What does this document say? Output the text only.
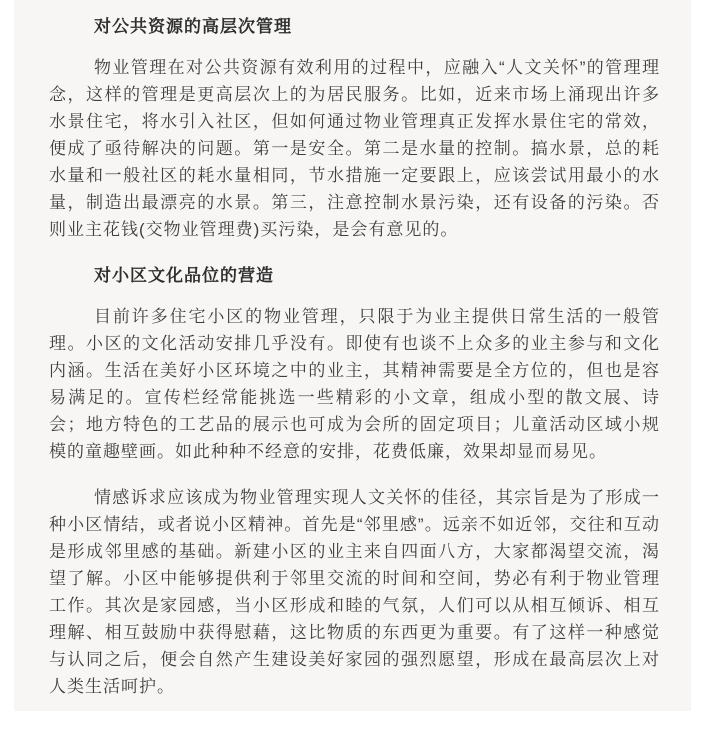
对公共资源的高层次管理

物业管理在对公共资源有效利用的过程中，应融入“人文关怀”的管理理念，这样的管理是更高层次上的为居民服务。比如，近来市场上涌现出许多水景住宅，将水引入社区，但如何通过物业管理真正发挥水景住宅的常效，便成了亟待解决的问题。第一是安全。第二是水量的控制。搞水景，总的耗水量和一般社区的耗水量相同，节水措施一定要跟上，应该尝试用最小的水量，制造出最漂亮的水景。第三，注意控制水景污染，还有设备的污染。否则业主花钱(交物业管理费)买污染，是会有意见的。

对小区文化品位的营造

目前许多住宅小区的物业管理，只限于为业主提供日常生活的一般管理。小区的文化活动安排几乎没有。即使有也谈不上众多的业主参与和文化内涵。生活在美好小区环境之中的业主，其精神需要是全方位的，但也是容易满足的。宣传栏经常能挑选一些精彩的小文章，组成小型的散文展、诗会；地方特色的工艺品的展示也可成为会所的固定项目；儿童活动区域小规模的童趣壁画。如此种种不经意的安排，花费低廉，效果却显而易见。

情感诉求应该成为物业管理实现人文关怀的佳径，其宗旨是为了形成一种小区情结，或者说小区精神。首先是“邻里感”。远亲不如近邻，交往和互动是形成邻里感的基础。新建小区的业主来自四面八方，大家都渴望交流，渴望了解。小区中能够提供利于邻里交流的时间和空间，势必有利于物业管理工作。其次是家园感，当小区形成和睦的气氛，人们可以从相互倾诉、相互理解、相互鼓励中获得慰藉，这比物质的东西更为重要。有了这样一种感觉与认同之后，便会自然产生建设美好家园的强烈愿望，形成在最高层次上对人类生活呵护。
